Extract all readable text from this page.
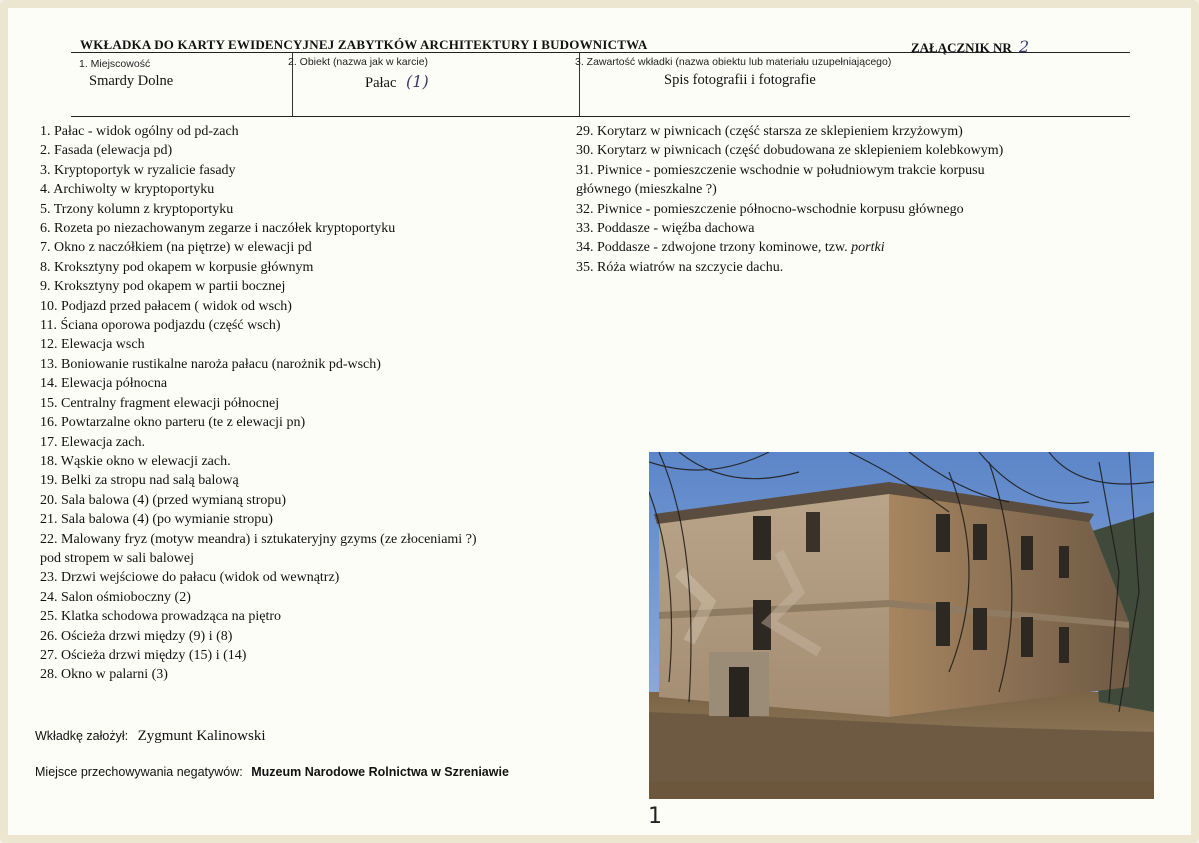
WKŁADKA DO KARTY EWIDENCYJNEJ ZABYTKÓW ARCHITEKTURY I BUDOWNICTWA	ZAŁĄCZNIK NR 2
1. Miejscowość
Smardy Dolne
2. Obiekt (nazwa jak w karcie)
Pałac (1)
3. Zawartość wkładki (nazwa obiektu lub materiału uzupełniającego)
Spis fotografii i fotografie
1. Pałac - widok ogólny od pd-zach
2. Fasada (elewacja pd)
3. Kryptoportyk w ryzalicie fasady
4. Archiwolty w kryptoportyku
5. Trzony kolumn z kryptoportyku
6. Rozeta po niezachowanym zegarze i naczółek kryptoportyku
7. Okno z naczółkiem (na piętrze) w elewacji pd
8. Kroksztyny pod okapem w korpusie głównym
9. Kroksztyny pod okapem w partii bocznej
10. Podjazd przed pałacem ( widok od wsch)
11. Ściana oporowa podjazdu (część wsch)
12. Elewacja wsch
13. Boniowanie rustikalne naroża pałacu (narożnik pd-wsch)
14. Elewacja północna
15. Centralny fragment elewacji północnej
16. Powtarzalne okno parteru (te z elewacji pn)
17. Elewacja zach.
18. Wąskie okno w elewacji zach.
19. Belki za stropu nad salą balową
20. Sala balowa (4) (przed wymianą stropu)
21. Sala balowa (4) (po wymianie stropu)
22. Malowany fryz (motyw meandra) i sztukateryjny gzyms (ze złoceniami ?)
pod stropem w sali balowej
23. Drzwi wejściowe do pałacu (widok od wewnątrz)
24. Salon ośmioboczny (2)
25. Klatka schodowa prowadząca na piętro
26. Ościeża drzwi między (9) i (8)
27. Ościeża drzwi między (15) i (14)
28. Okno w palarni (3)
29. Korytarz w piwnicach (część starsza ze sklepieniem krzyżowym)
30. Korytarz w piwnicach (część dobudowana ze sklepieniem kolebkowym)
31. Piwnice - pomieszczenie wschodnie w południowym trakcie korpusu
głównego (mieszkalne ?)
32. Piwnice - pomieszczenie północno-wschodnie korpusu głównego
33. Poddasze - więźba dachowa
34. Poddasze - zdwojone trzony kominowe, tzw. portki
35. Róża wiatrów na szczycie dachu.
Wkładkę założył: Zygmunt Kalinowski
Miejsce przechowywania negatywów: Muzeum Narodowe Rolnictwa w Szreniawie
1
